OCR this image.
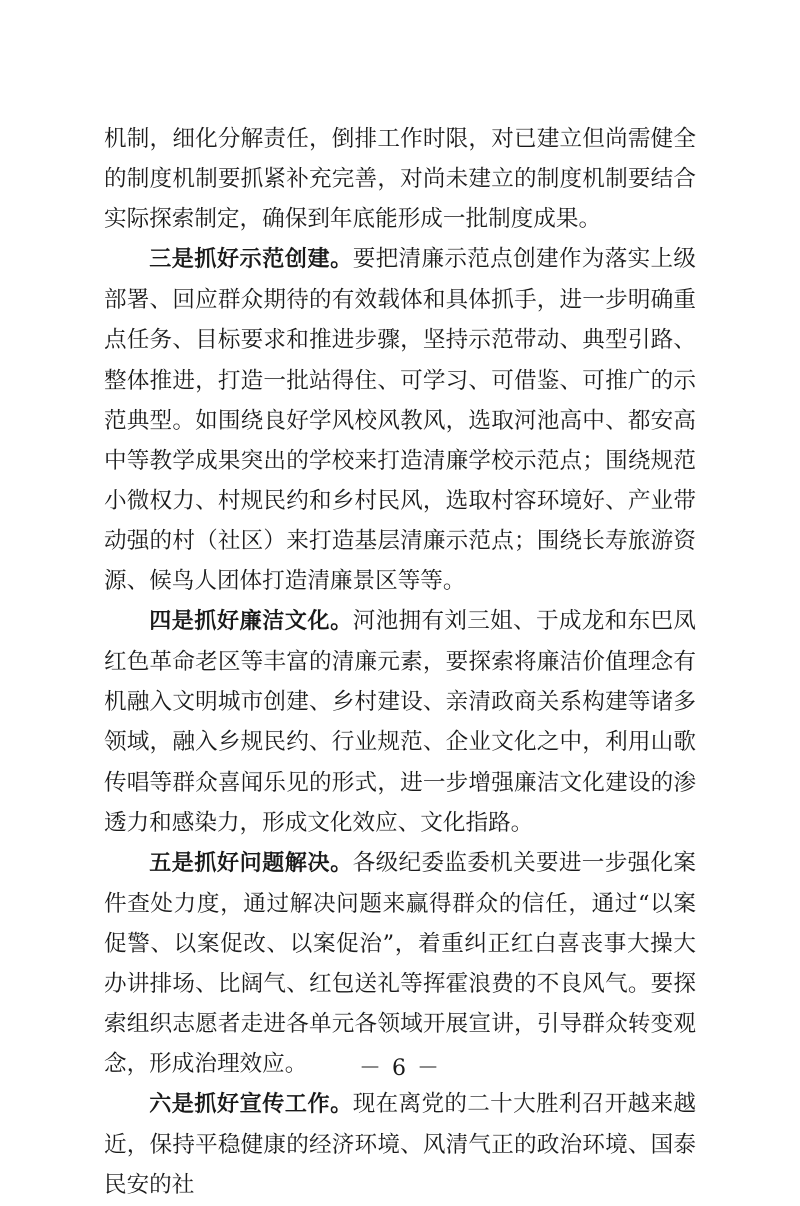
机制，细化分解责任，倒排工作时限，对已建立但尚需健全的制度机制要抓紧补充完善，对尚未建立的制度机制要结合实际探索制定，确保到年底能形成一批制度成果。

三是抓好示范创建。要把清廉示范点创建作为落实上级部署、回应群众期待的有效载体和具体抓手，进一步明确重点任务、目标要求和推进步骤，坚持示范带动、典型引路、整体推进，打造一批站得住、可学习、可借鉴、可推广的示范典型。如围绕良好学风校风教风，选取河池高中、都安高中等教学成果突出的学校来打造清廉学校示范点；围绕规范小微权力、村规民约和乡村民风，选取村容环境好、产业带动强的村（社区）来打造基层清廉示范点；围绕长寿旅游资源、候鸟人团体打造清廉景区等等。

四是抓好廉洁文化。河池拥有刘三姐、于成龙和东巴凤红色革命老区等丰富的清廉元素，要探索将廉洁价值理念有机融入文明城市创建、乡村建设、亲清政商关系构建等诸多领域，融入乡规民约、行业规范、企业文化之中，利用山歌传唱等群众喜闻乐见的形式，进一步增强廉洁文化建设的渗透力和感染力，形成文化效应、文化指路。

五是抓好问题解决。各级纪委监委机关要进一步强化案件查处力度，通过解决问题来赢得群众的信任，通过“以案促警、以案促改、以案促治”，着重纠正红白喜丧事大操大办讲排场、比阔气、红包送礼等挥霍浪费的不良风气。要探索组织志愿者走进各单元各领域开展宣讲，引导群众转变观念，形成治理效应。

六是抓好宣传工作。现在离党的二十大胜利召开越来越近，保持平稳健康的经济环境、风清气正的政治环境、国泰民安的社

－ 6 －
